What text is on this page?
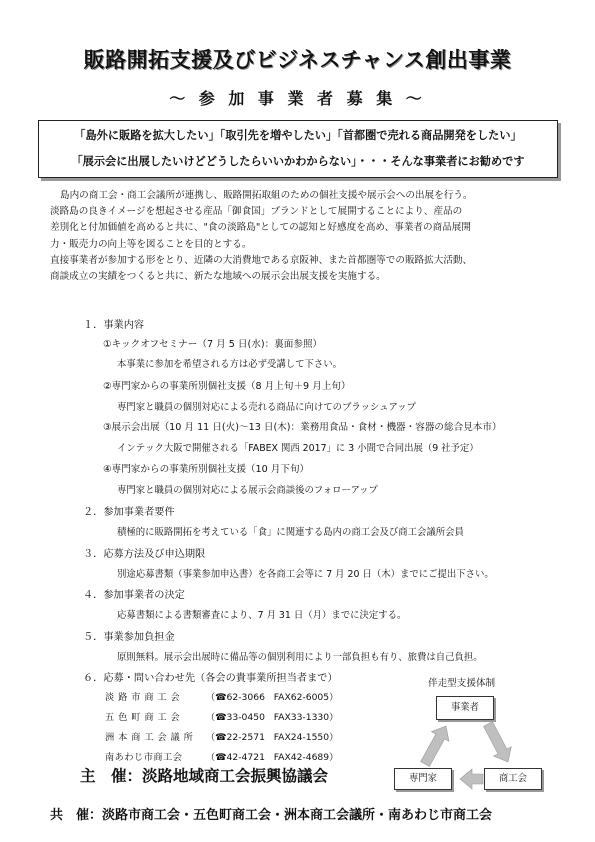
販路開拓支援及びビジネスチャンス創出事業
～ 参 加 事 業 者 募 集 ～
「島外に販路を拡大したい」「取引先を増やしたい」「首都圏で売れる商品開発をしたい」
「展示会に出展したいけどどうしたらいいかわからない」・・・そんな事業者にお勧めです

島内の商工会・商工会議所が連携し、販路開拓取組のための個社支援や展示会への出展を行う。

淡路島の良きイメージを想起させる産品「御食国」ブランドとして展開することにより、産品の

差別化と付加価値を高めると共に、"食の淡路島"としての認知と好感度を高め、事業者の商品展開

力・販売力の向上等を図ることを目的とする。

直接事業者が参加する形をとり、近隣の大消費地である京阪神、また首都圏等での販路拡大活動、

商談成立の実績をつくると共に、新たな地域への展示会出展支援を実施する。

１．事業内容
①キックオフセミナー（7 月 5 日(水)：裏面参照）
本事業に参加を希望される方は必ず受講して下さい。
②専門家からの事業所別個社支援（8 月上旬＋9 月上旬）
専門家と職員の個別対応による売れる商品に向けてのブラッシュアップ
③展示会出展（10 月 11 日(火)～13 日(木)：業務用食品・食材・機器・容器の総合見本市）
インテック大阪で開催される「FABEX 関西 2017」に 3 小間で合同出展（9 社予定）
④専門家からの事業所別個社支援（10 月下旬）
専門家と職員の個別対応による展示会商談後のフォローアップ
２．参加事業者要件
積極的に販路開拓を考えている「食」に関連する島内の商工会及び商工会議所会員
３．応募方法及び申込期限
別途応募書類（事業参加申込書）を各商工会等に 7 月 20 日（木）までにご提出下さい。
４．参加事業者の決定
応募書類による書類審査により、7 月 31 日（月）までに決定する。
５．事業参加負担金
原則無料。展示会出展時に備品等の個別利用により一部負担も有り、旅費は自己負担。
６．応募・問い合わせ先（各会の貴事業所担当者まで）
淡 路 市 商 工 会	（☎62-3066 FAX62-6005）
五 色 町 商 工 会	（☎33-0450 FAX33-1330）
洲 本 商 工 会 議 所 （☎22-2571 FAX24-1550）
南あわじ市商工会	（☎42-4721 FAX42-4689）
伴走型支援体制
事業者
専門家	商工会
主　催：淡路地域商工会振興協議会
共　催：淡路市商工会・五色町商工会・洲本商工会議所・南あわじ市商工会
